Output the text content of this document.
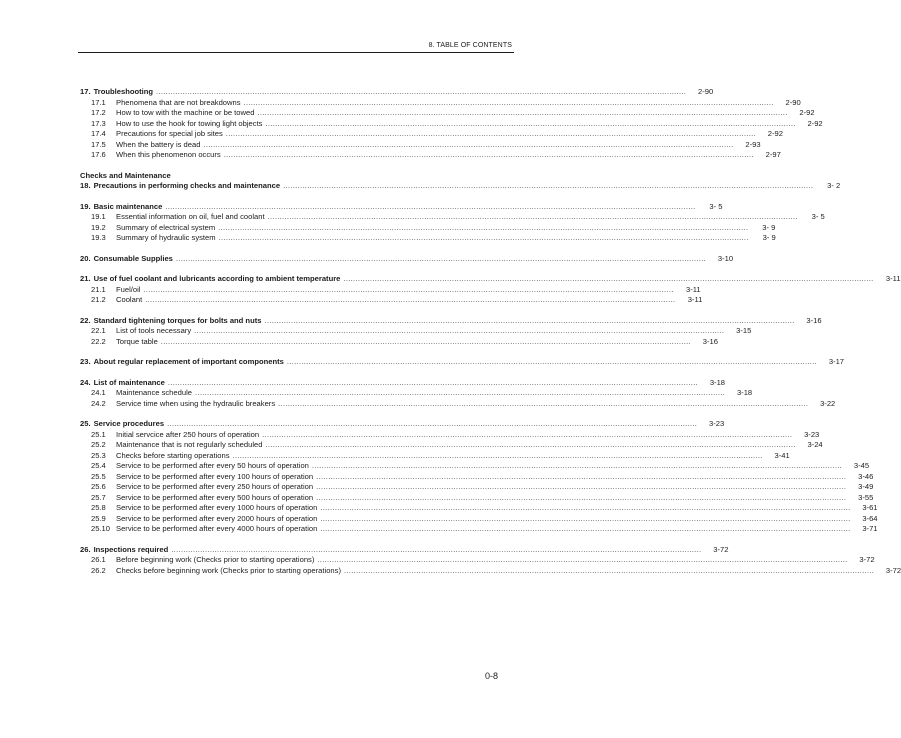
8. TABLE OF CONTENTS
17. Troubleshooting ............................................................................................................................................................................................................................	2-90
17.1	Phenomena that are not breakdowns ............................................................................................................................................................................................................................	2-90
17.2	How to tow with the machine or be towed ............................................................................................................................................................................................................................	2-92
17.3	How to use the hook for towing light objects ............................................................................................................................................................................................................................	2-92
17.4	Precautions for special job sites ............................................................................................................................................................................................................................	2-92
17.5	When the battery is dead ............................................................................................................................................................................................................................	2-93
17.6	When this phenomenon occurs ............................................................................................................................................................................................................................	2-97
Checks and Maintenance
18. Precautions in performing checks and maintenance ............................................................................................................................................................................................................................	3- 2
19. Basic maintenance ............................................................................................................................................................................................................................	3- 5
19.1	Essential information on oil, fuel and coolant ............................................................................................................................................................................................................................	3- 5
19.2	Summary of electrical system ............................................................................................................................................................................................................................	3- 9
19.3	Summary of hydraulic system ............................................................................................................................................................................................................................	3- 9
20. Consumable Supplies ............................................................................................................................................................................................................................	3-10
21. Use of fuel coolant and lubricants according to ambient temperature ............................................................................................................................................................................................................................	3-11
21.1	Fuel/oil ............................................................................................................................................................................................................................	3-11
21.2	Coolant ............................................................................................................................................................................................................................	3-11
22. Standard tightening torques for bolts and nuts ............................................................................................................................................................................................................................	3-16
22.1	List of tools necessary ............................................................................................................................................................................................................................	3-15
22.2	Torque table ............................................................................................................................................................................................................................	3-16
23. About regular replacement of important components ............................................................................................................................................................................................................................	3-17
24. List of maintenance ............................................................................................................................................................................................................................	3-18
24.1	Maintenance schedule ............................................................................................................................................................................................................................	3-18
24.2	Service time when using the hydraulic breakers ............................................................................................................................................................................................................................	3-22
25. Service procedures ............................................................................................................................................................................................................................	3-23
25.1	Initial servcice after 250 hours of operation ............................................................................................................................................................................................................................	3-23
25.2	Maintenance that is not regularly scheduled ............................................................................................................................................................................................................................	3-24
25.3	Checks before starting operations ............................................................................................................................................................................................................................	3-41
25.4	Service to be performed after every 50 hours of operation ............................................................................................................................................................................................................................	3-45
25.5	Service to be performed after every 100 hours of operation ............................................................................................................................................................................................................................	3-46
25.6	Service to be performed after every 250 hours of operation ............................................................................................................................................................................................................................	3-49
25.7	Service to be performed after every 500 hours of operation ............................................................................................................................................................................................................................	3-55
25.8	Service to be performed after every 1000 hours of operation ............................................................................................................................................................................................................................	3-61
25.9	Service to be performed after every 2000 hours of operation ............................................................................................................................................................................................................................	3-64
25.10 Service to be performed after every 4000 hours of operation ............................................................................................................................................................................................................................	3-71
26. Inspections required ............................................................................................................................................................................................................................	3-72
26.1	Before beginning work (Checks prior to starting operations) ............................................................................................................................................................................................................................	3-72
26.2	Checks before beginning work (Checks prior to starting operations) ............................................................................................................................................................................................................................	3-72
0-8
